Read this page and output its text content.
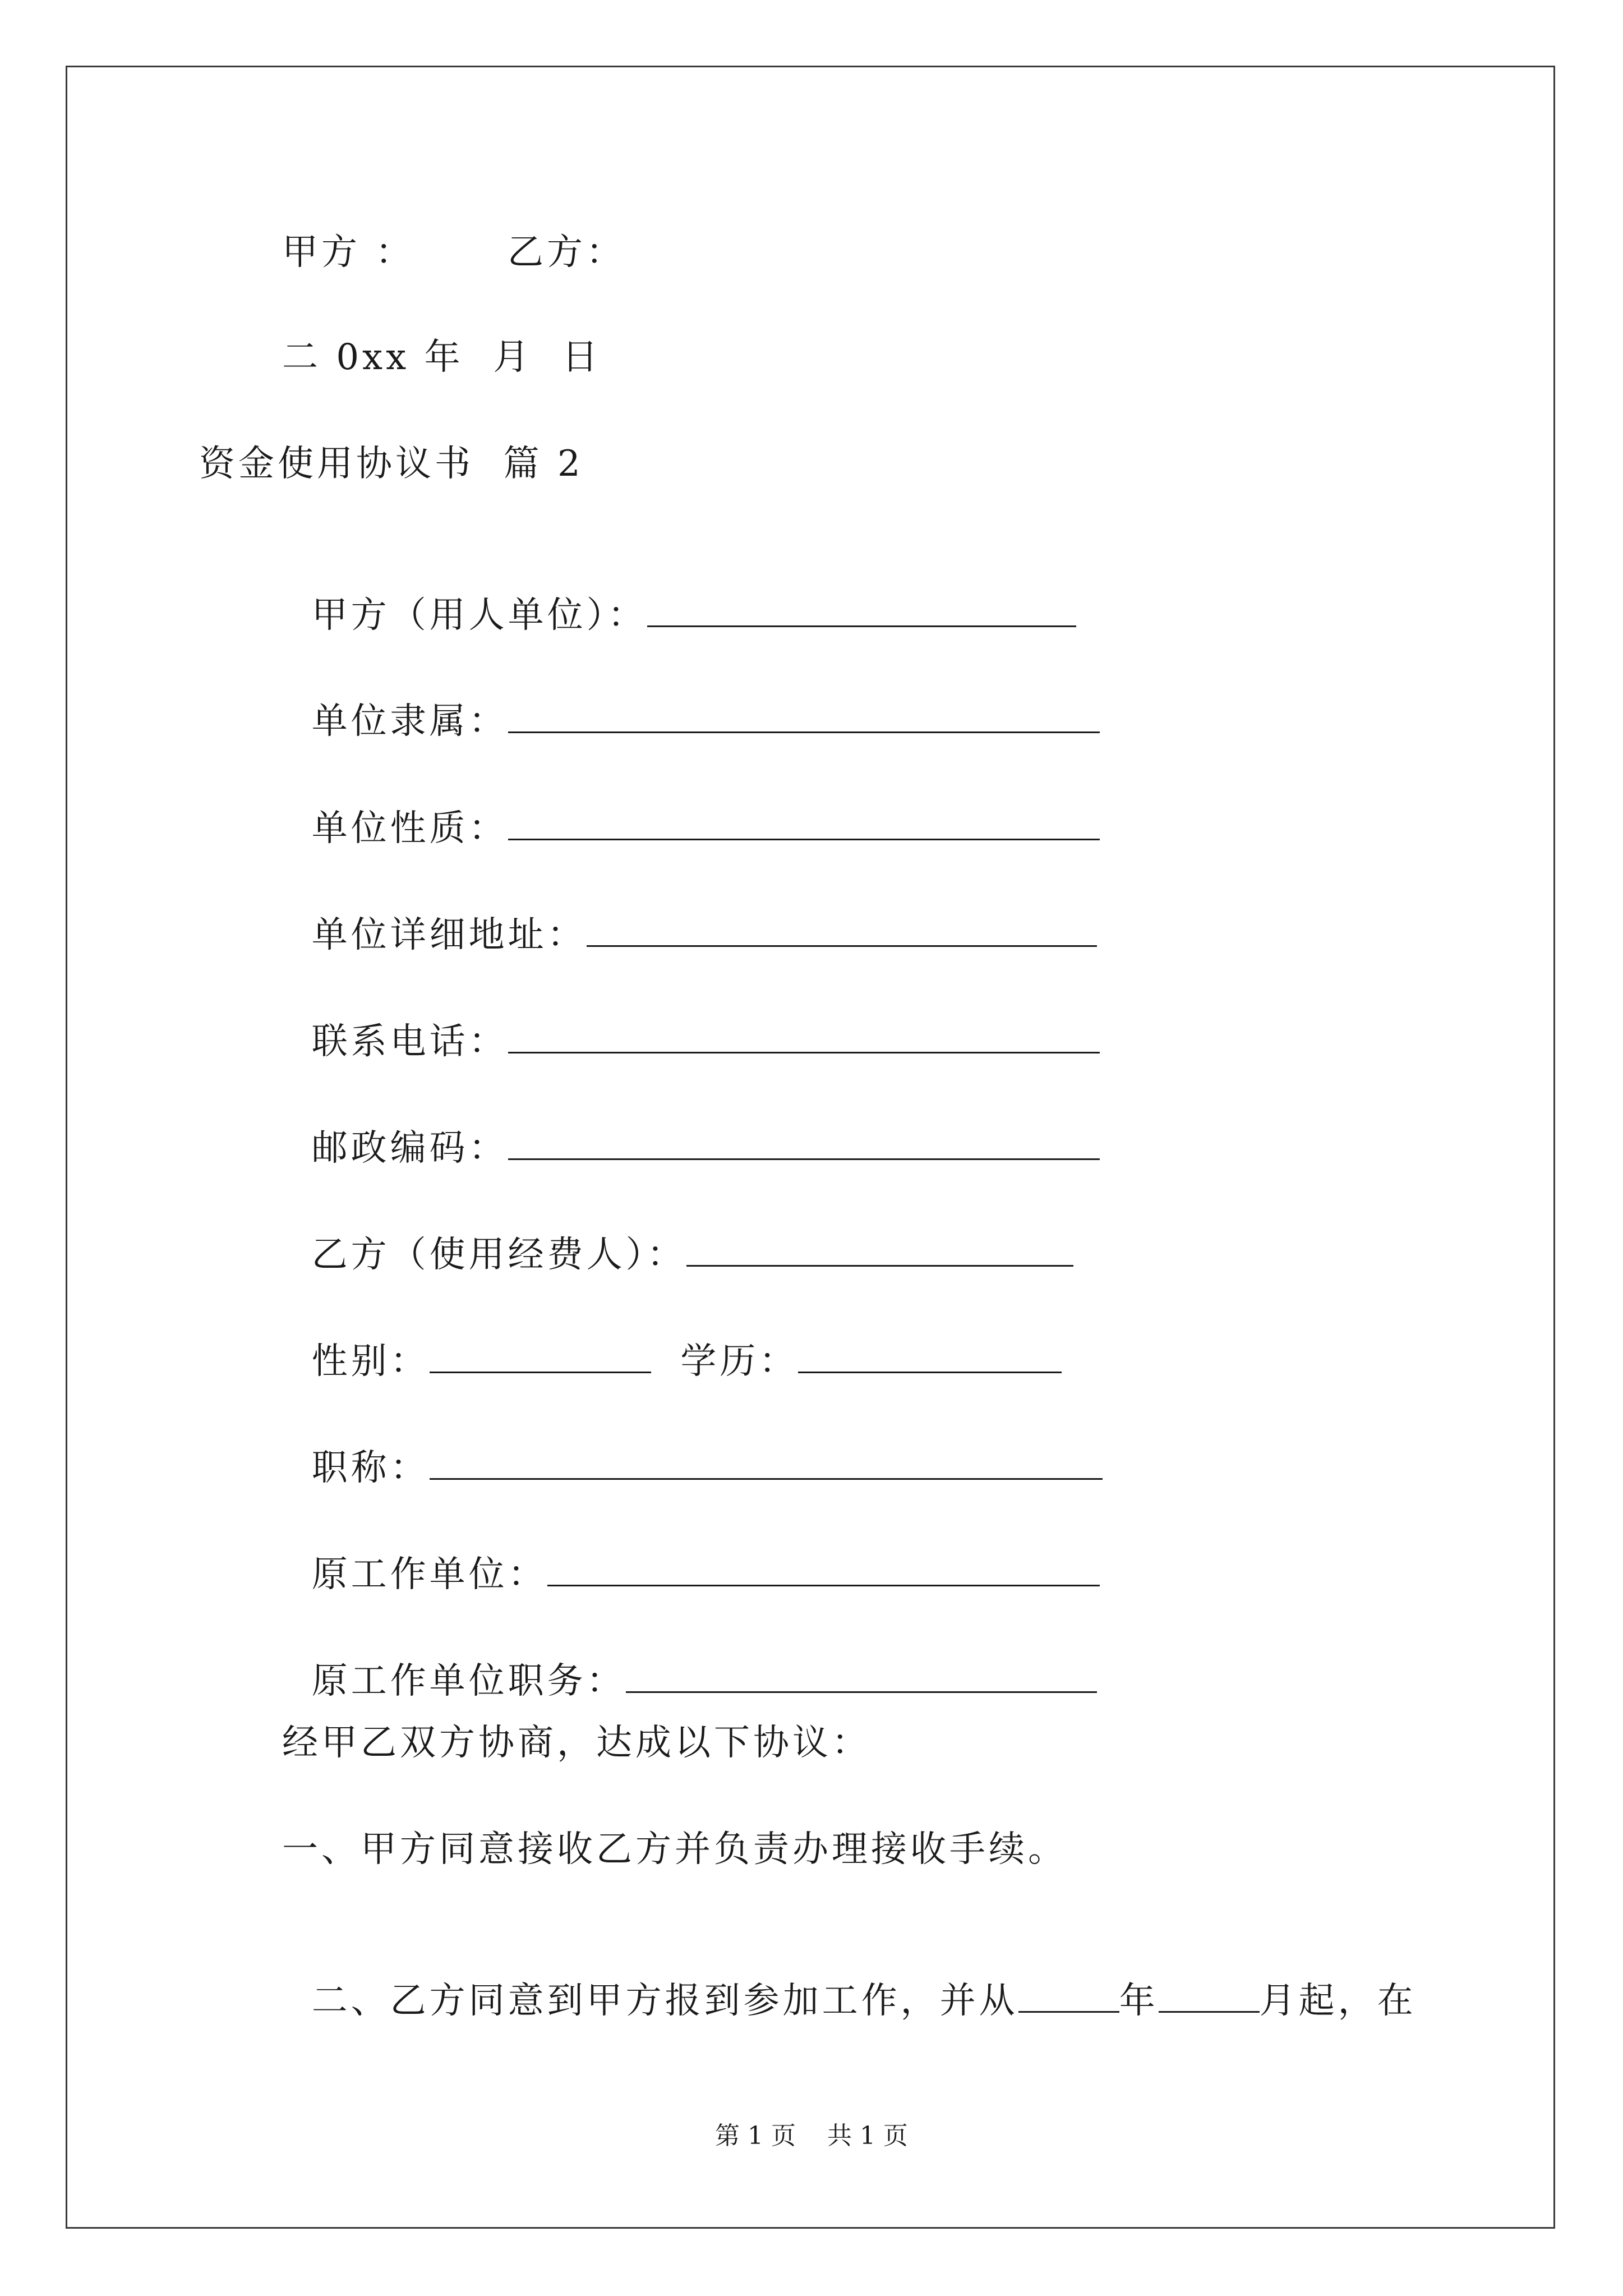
甲方 ：	乙方：
二 0xx 年  月  日
资金使用协议书  篇 2

甲方（用人单位）：

单位隶属：

单位性质：

单位详细地址：

联系电话：

邮政编码：

乙方（使用经费人）：

性别：	学历：

职称：

原工作单位：

原工作单位职务：

经甲乙双方协商，达成以下协议：
一、甲方同意接收乙方并负责办理接收手续。

二、乙方同意到甲方报到参加工作，并从	年	月起，在

第 1 页    共 1 页
